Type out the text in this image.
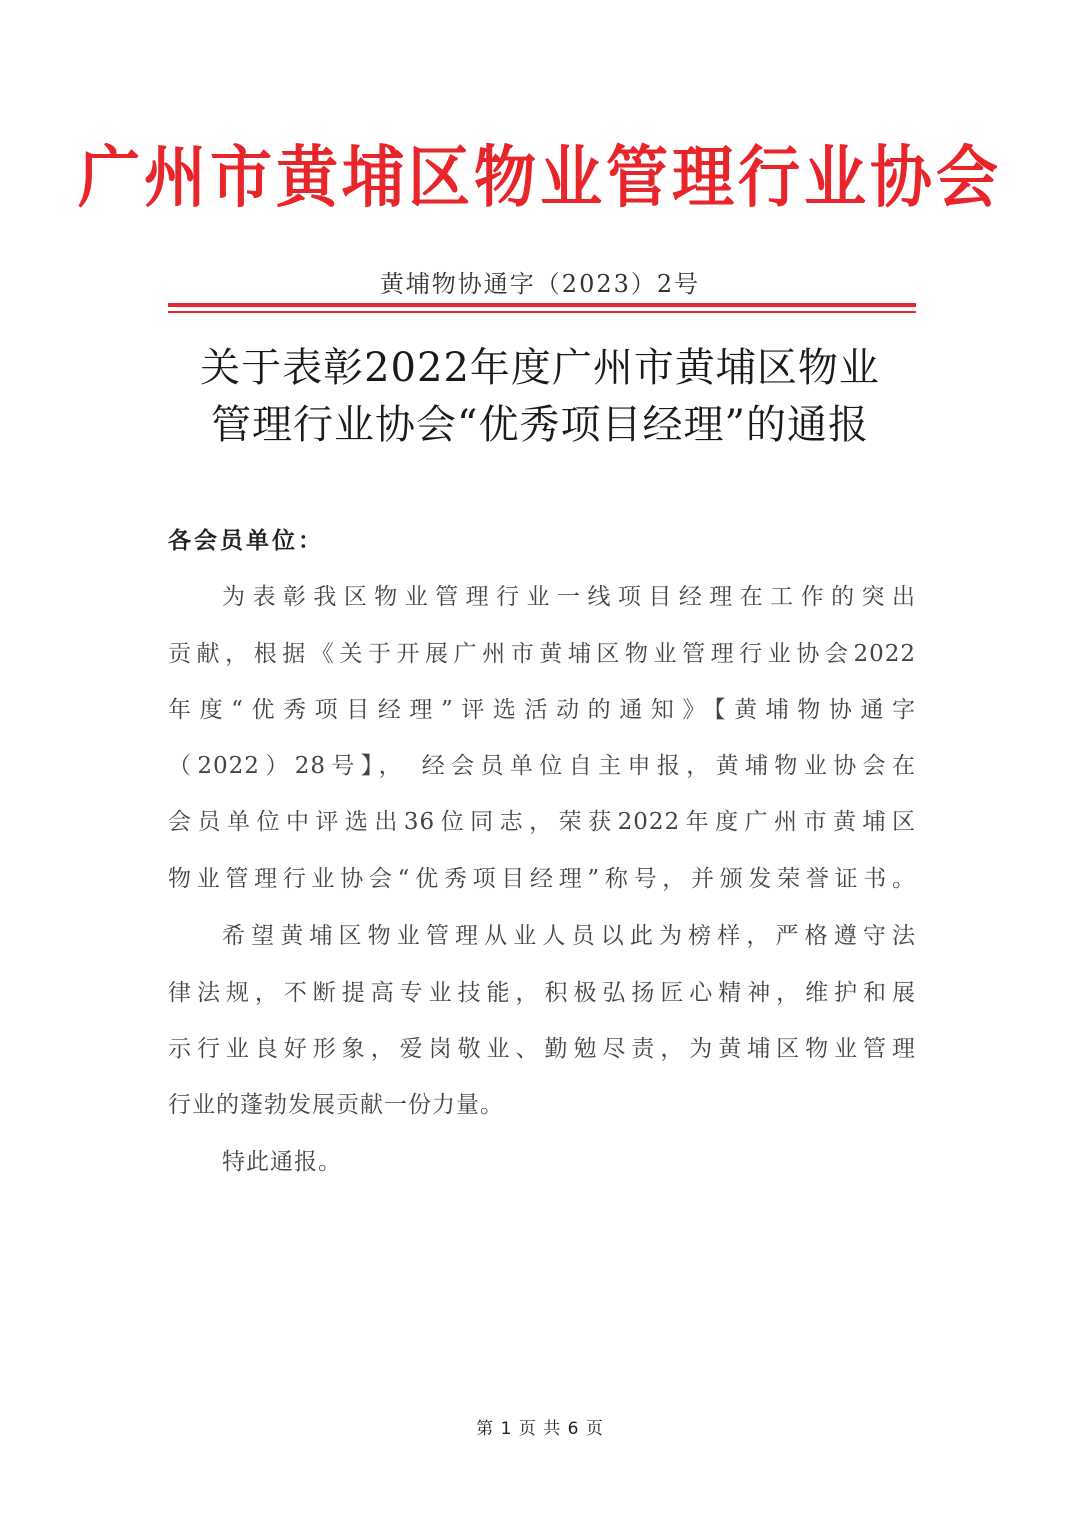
广州市黄埔区物业管理行业协会
黄埔物协通字（2023）2号
关于表彰2022年度广州市黄埔区物业
管理行业协会“优秀项目经理”的通报
各会员单位：
为表彰我区物业管理行业一线项目经理在工作的突出
贡献，根据《关于开展广州市黄埔区物业管理行业协会2022
年度“优秀项目经理”评选活动的通知》【黄埔物协通字
（2022）28号】， 经会员单位自主申报，黄埔物业协会在
会员单位中评选出36位同志，荣获2022年度广州市黄埔区
物业管理行业协会“优秀项目经理”称号，并颁发荣誉证书。
希望黄埔区物业管理从业人员以此为榜样，严格遵守法
律法规，不断提高专业技能，积极弘扬匠心精神，维护和展
示行业良好形象，爱岗敬业、勤勉尽责，为黄埔区物业管理
行业的蓬勃发展贡献一份力量。
特此通报。
第 1 页 共 6 页
